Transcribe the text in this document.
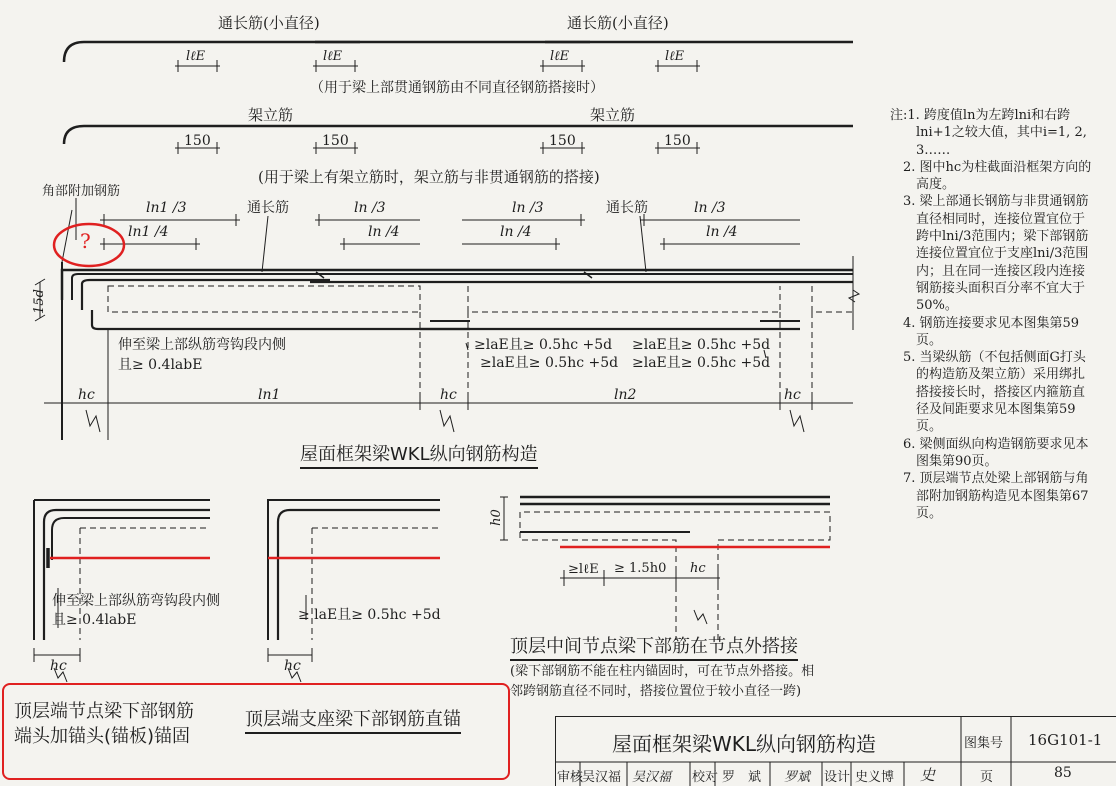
通长筋(小直径)	通长筋(小直径)
lℓE	lℓE	lℓE	lℓE
（用于梁上部贯通钢筋由不同直径钢筋搭接时）
架立筋	架立筋
150	150	150	150
(用于梁上有架立筋时，架立筋与非贯通钢筋的搭接)
角部附加钢筋
?
通长筋	通长筋
ln1 /3
ln1 /4
ln /3
ln /4
ln /3
ln /4
ln /3
ln /4
15d
伸至梁上部纵筋弯钩段内侧
且≥ 0.4labE
≥laE且≥ 0.5hc +5d ≥laE且≥ 0.5hc +5d
≥laE且≥ 0.5hc +5d ≥laE且≥ 0.5hc +5d
hc	hc	hc
ln1	ln2
屋面框架梁WKL纵向钢筋构造
注:1. 跨度值ln为左跨lni和右跨lni+1之较大值，其中i=1, 2, 3……
2. 图中hc为柱截面沿框架方向的高度。
3. 梁上部通长钢筋与非贯通钢筋直径相同时，连接位置宜位于跨中lni/3范围内；梁下部钢筋连接位置宜位于支座lni/3范围内；且在同一连接区段内连接钢筋接头面积百分率不宜大于50%。
4. 钢筋连接要求见本图集第59页。
5. 当梁纵筋（不包括侧面G打头的构造筋及架立筋）采用绑扎搭接接长时，搭接区内箍筋直径及间距要求见本图集第59页。
6. 梁侧面纵向构造钢筋要求见本图集第90页。
7. 顶层端节点处梁上部钢筋与角部附加钢筋构造见本图集第67页。
伸至梁上部纵筋弯钩段内侧
且≥ 0.4labE
hc
≥ laE且≥ 0.5hc +5d
hc
h0
≥lℓE ≥ 1.5h0 hc
顶层中间节点梁下部筋在节点外搭接
(梁下部钢筋不能在柱内锚固时，可在节点外搭接。相
邻跨钢筋直径不同时，搭接位置位于较小直径一跨)
顶层端节点梁下部钢筋
端头加锚头(锚板)锚固
顶层端支座梁下部钢筋直锚
屋面框架梁WKL纵向钢筋构造	图集号 16G101-1
审核
吴汉福 吴汉福 校对 罗　斌 罗斌 设计 史义博 史	页	85
